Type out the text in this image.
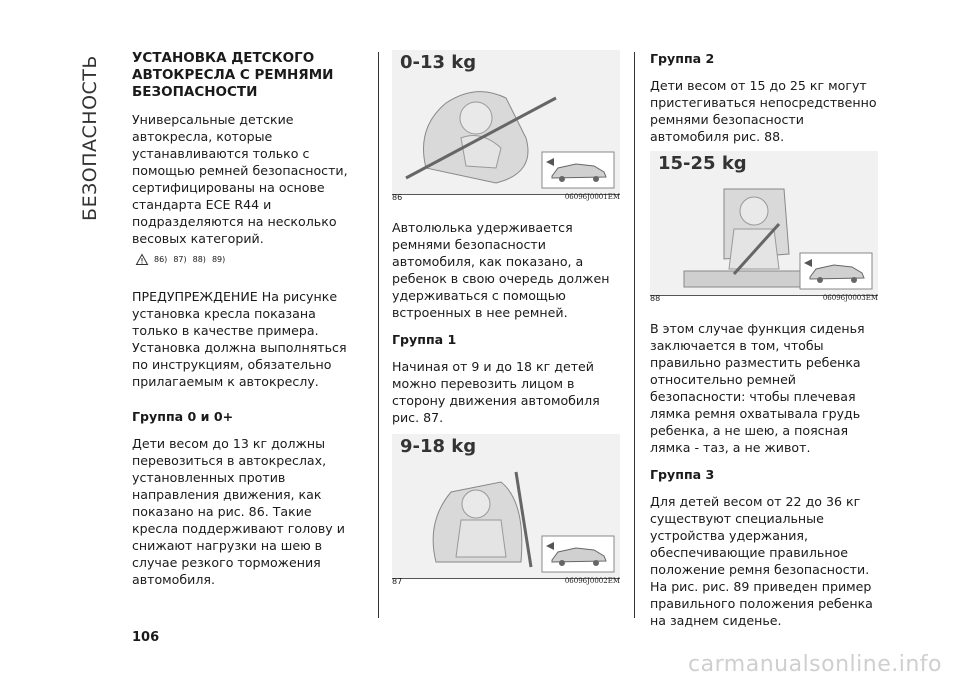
БЕЗОПАСНОСТЬ УСТАНОВКА ДЕТСКОГО АВТОКРЕСЛА С РЕМНЯМИ БЕЗОПАСНОСТИ

Универсальные детские автокресла, которые устанавливаются только с помощью ремней безопасности, сертифицированы на основе стандарта ECE R44 и подразделяются на несколько весовых категорий.

86) 87) 88) 89)

ПРЕДУПРЕЖДЕНИЕ На рисунке установка кресла показана только в качестве примера. Установка должна выполняться по инструкциям, обязательно прилагаемым к автокреслу.

Группа 0 и 0+

Дети весом до 13 кг должны перевозиться в автокреслах, установленных против направления движения, как показано на рис. 86. Такие кресла поддерживают голову и снижают нагрузки на шею в случае резкого торможения автомобиля.

0-13 kg
86	06096J0001EM

Автолюлька удерживается ремнями безопасности автомобиля, как показано, а ребенок в свою очередь должен удерживаться с помощью встроенных в нее ремней.

Группа 1

Начиная от 9 и до 18 кг детей можно перевозить лицом в сторону движения автомобиля рис. 87.

9-18 kg
87	06096J0002EM

Группа 2

Дети весом от 15 до 25 кг могут пристегиваться непосредственно ремнями безопасности автомобиля рис. 88.

15-25 kg
88	06096J0003EM

В этом случае функция сиденья заключается в том, чтобы правильно разместить ребенка относительно ремней безопасности: чтобы плечевая лямка ремня охватывала грудь ребенка, а не шею, а поясная лямка - таз, а не живот.

Группа 3

Для детей весом от 22 до 36 кг существуют специальные устройства удержания, обеспечивающие правильное положение ремня безопасности.

На рис. рис. 89 приведен пример правильного положения ребенка на заднем сиденье.

106
carmanualsonline.info
